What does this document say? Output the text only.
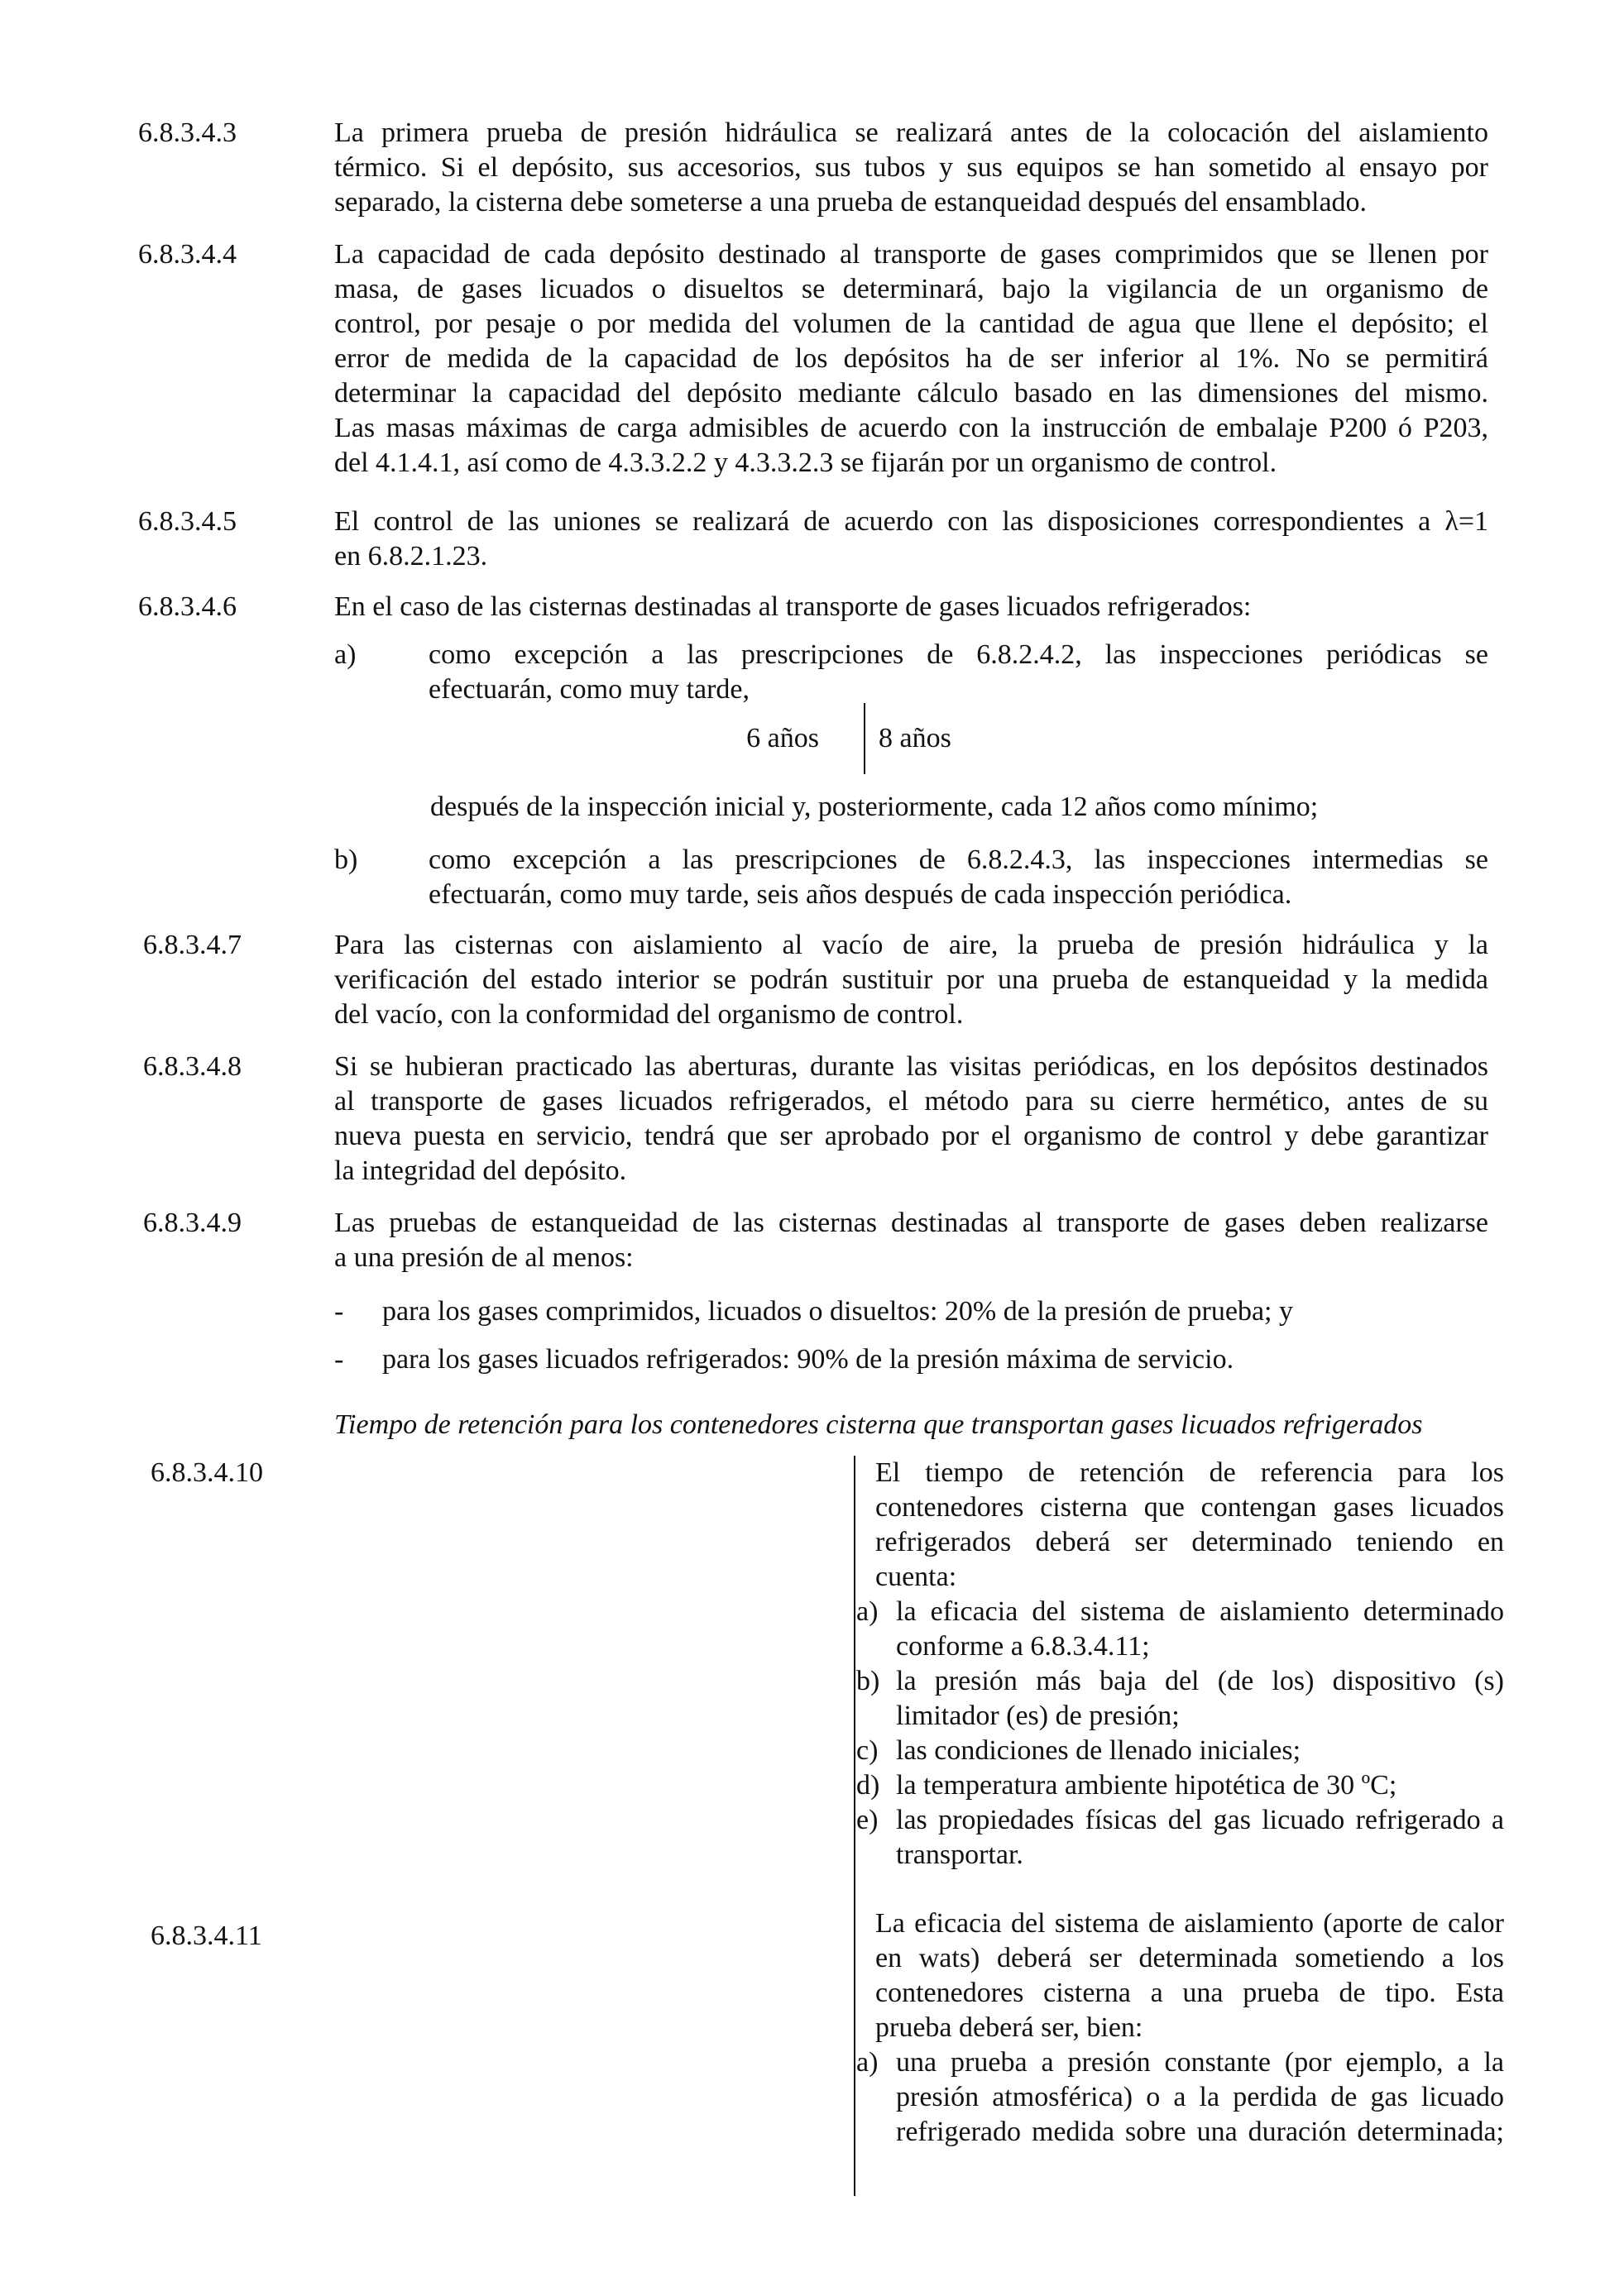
6.8.3.4.3	La primera prueba de presión hidráulica se realizará antes de la colocación del aislamiento
térmico. Si el depósito, sus accesorios, sus tubos y sus equipos se han sometido al ensayo por
separado, la cisterna debe someterse a una prueba de estanqueidad después del ensamblado.
6.8.3.4.4	La capacidad de cada depósito destinado al transporte de gases comprimidos que se llenen por
masa, de gases licuados o disueltos se determinará, bajo la vigilancia de un organismo de
control, por pesaje o por medida del volumen de la cantidad de agua que llene el depósito; el
error de medida de la capacidad de los depósitos ha de ser inferior al 1%. No se permitirá
determinar la capacidad del depósito mediante cálculo basado en las dimensiones del mismo.
Las masas máximas de carga admisibles de acuerdo con la instrucción de embalaje P200 ó P203,
del 4.1.4.1, así como de 4.3.3.2.2 y 4.3.3.2.3 se fijarán por un organismo de control.
6.8.3.4.5	El control de las uniones se realizará de acuerdo con las disposiciones correspondientes a λ=1
en 6.8.2.1.23.
6.8.3.4.6	En el caso de las cisternas destinadas al transporte de gases licuados refrigerados:
a)	como excepción a las prescripciones de 6.8.2.4.2, las inspecciones periódicas se
efectuarán, como muy tarde,
6 años 8 años
después de la inspección inicial y, posteriormente, cada 12 años como mínimo;
b)	como excepción a las prescripciones de 6.8.2.4.3, las inspecciones intermedias se
efectuarán, como muy tarde, seis años después de cada inspección periódica.
6.8.3.4.7	Para las cisternas con aislamiento al vacío de aire, la prueba de presión hidráulica y la
verificación del estado interior se podrán sustituir por una prueba de estanqueidad y la medida
del vacío, con la conformidad del organismo de control.
6.8.3.4.8	Si se hubieran practicado las aberturas, durante las visitas periódicas, en los depósitos destinados
al transporte de gases licuados refrigerados, el método para su cierre hermético, antes de su
nueva puesta en servicio, tendrá que ser aprobado por el organismo de control y debe garantizar
la integridad del depósito.
6.8.3.4.9	Las pruebas de estanqueidad de las cisternas destinadas al transporte de gases deben realizarse
a una presión de al menos:
- para los gases comprimidos, licuados o disueltos: 20% de la presión de prueba; y
- para los gases licuados refrigerados: 90% de la presión máxima de servicio.
Tiempo de retención para los contenedores cisterna que transportan gases licuados refrigerados
6.8.3.4.10	El tiempo de retención de referencia para los
contenedores cisterna que contengan gases licuados
refrigerados deberá ser determinado teniendo en
cuenta:
a) la eficacia del sistema de aislamiento determinado
conforme a 6.8.3.4.11;
b) la presión más baja del (de los) dispositivo (s)
limitador (es) de presión;
c) las condiciones de llenado iniciales;
d) la temperatura ambiente hipotética de 30 ºC;
e) las propiedades físicas del gas licuado refrigerado a
transportar.
6.8.3.4.11	La eficacia del sistema de aislamiento (aporte de calor
en wats) deberá ser determinada sometiendo a los
contenedores cisterna a una prueba de tipo. Esta
prueba deberá ser, bien:
a) una prueba a presión constante (por ejemplo, a la
presión atmosférica) o a la perdida de gas licuado
refrigerado medida sobre una duración determinada;
